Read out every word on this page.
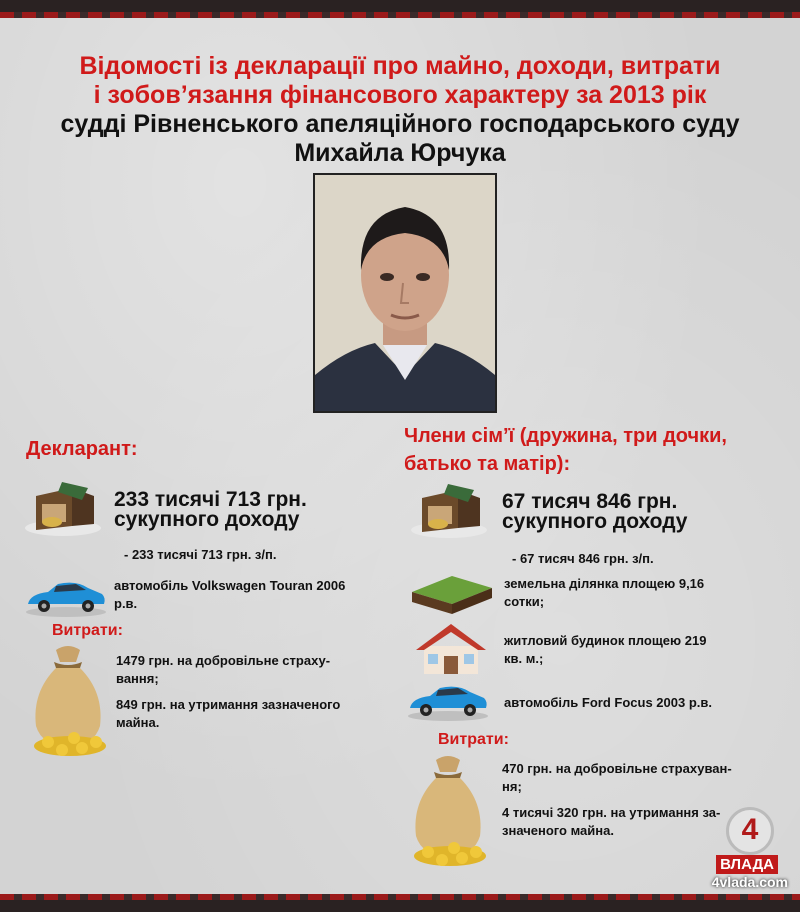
Відомості із декларації про майно, доходи, витрати
і зобов’язання фінансового характеру за 2013 рік
судді Рівненського апеляційного господарського суду
Михайла Юрчука
Декларант:
233 тисячі 713 грн.
сукупного доходу
- 233 тисячі 713 грн. з/п.
автомобіль Volkswagen Touran 2006
р.в.
Витрати:
1479 грн. на добровільне страху-
вання;
849 грн. на утримання зазначеного
майна.
Члени сім’ї (дружина, три дочки,
батько та матір):
67 тисяч 846 грн.
сукупного доходу
- 67 тисяч 846 грн. з/п.
земельна ділянка площею 9,16
сотки;
житловий будинок площею 219
кв. м.;
автомобіль Ford Focus 2003 р.в.
Витрати:
470 грн. на добровільне страхуван-
ня;
4 тисячі 320 грн. на утримання за-
значеного майна.	4
ВЛАДА
4vlada.com
